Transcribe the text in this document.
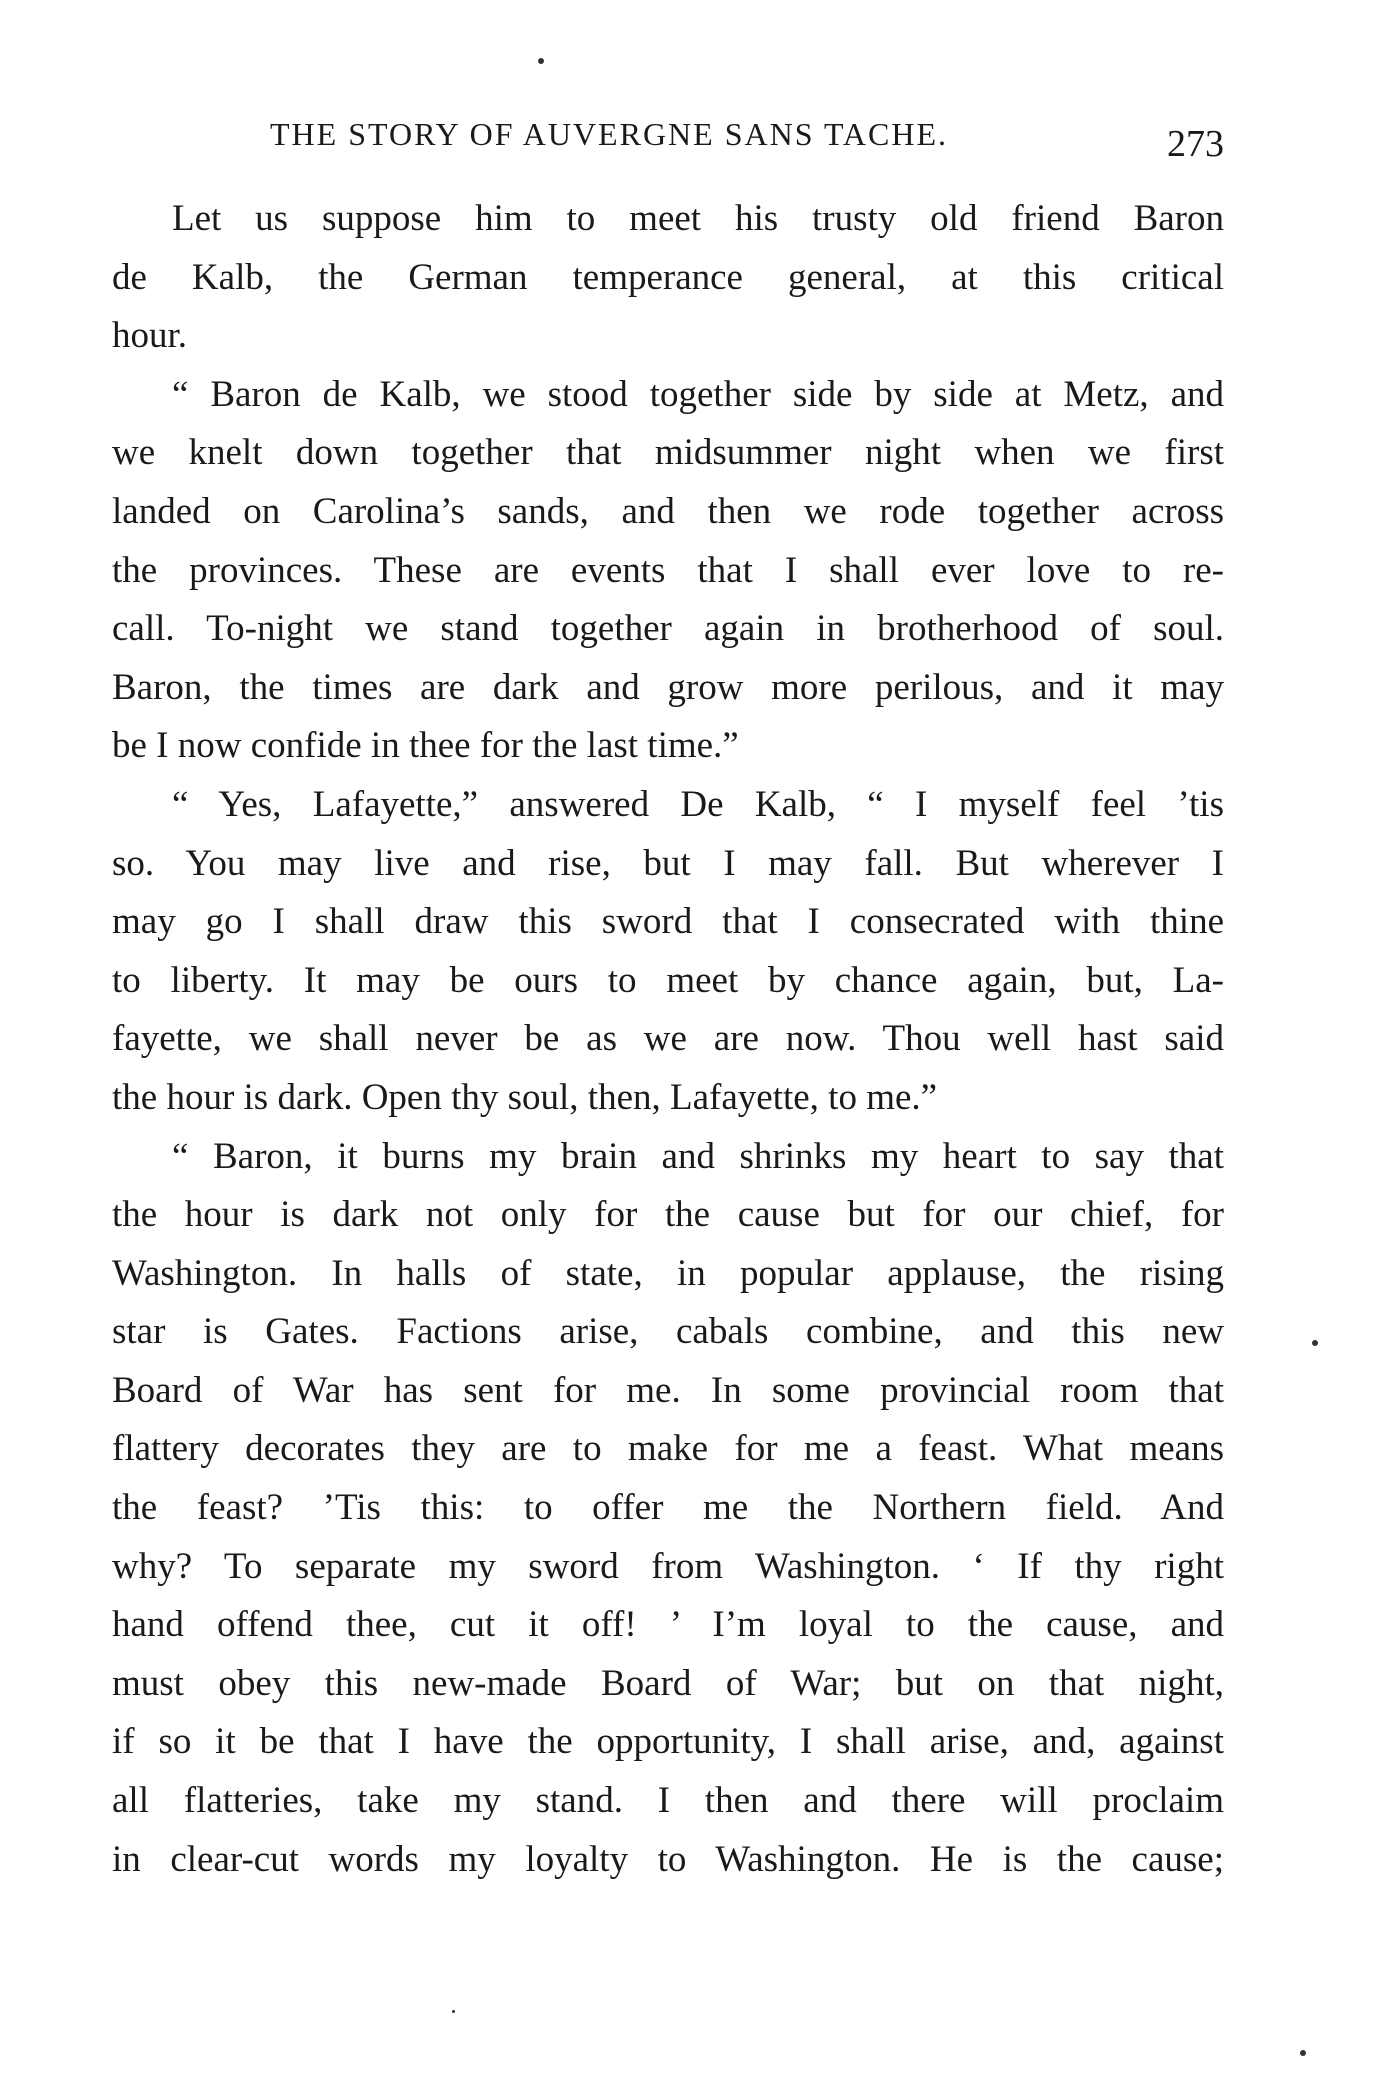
THE STORY OF AUVERGNE SANS TACHE.	273

Let us suppose him to meet his trusty old friend Baron
de Kalb, the German temperance general, at this critical
hour.

“ Baron de Kalb, we stood together side by side at Metz, and
we knelt down together that midsummer night when we first
landed on Carolina’s sands, and then we rode together across
the provinces. These are events that I shall ever love to re-
call. To-night we stand together again in brotherhood of soul.
Baron, the times are dark and grow more perilous, and it may
be I now confide in thee for the last time.”

“ Yes, Lafayette,” answered De Kalb, “ I myself feel ’tis
so. You may live and rise, but I may fall. But wherever I
may go I shall draw this sword that I consecrated with thine
to liberty. It may be ours to meet by chance again, but, La-
fayette, we shall never be as we are now. Thou well hast said
the hour is dark. Open thy soul, then, Lafayette, to me.”

“ Baron, it burns my brain and shrinks my heart to say that
the hour is dark not only for the cause but for our chief, for
Washington. In halls of state, in popular applause, the rising
star is Gates. Factions arise, cabals combine, and this new
Board of War has sent for me. In some provincial room that
flattery decorates they are to make for me a feast. What means
the feast? ’Tis this: to offer me the Northern field. And
why? To separate my sword from Washington. ‘ If thy right
hand offend thee, cut it off! ’ I’m loyal to the cause, and
must obey this new-made Board of War; but on that night,
if so it be that I have the opportunity, I shall arise, and, against
all flatteries, take my stand. I then and there will proclaim
in clear-cut words my loyalty to Washington. He is the cause;
